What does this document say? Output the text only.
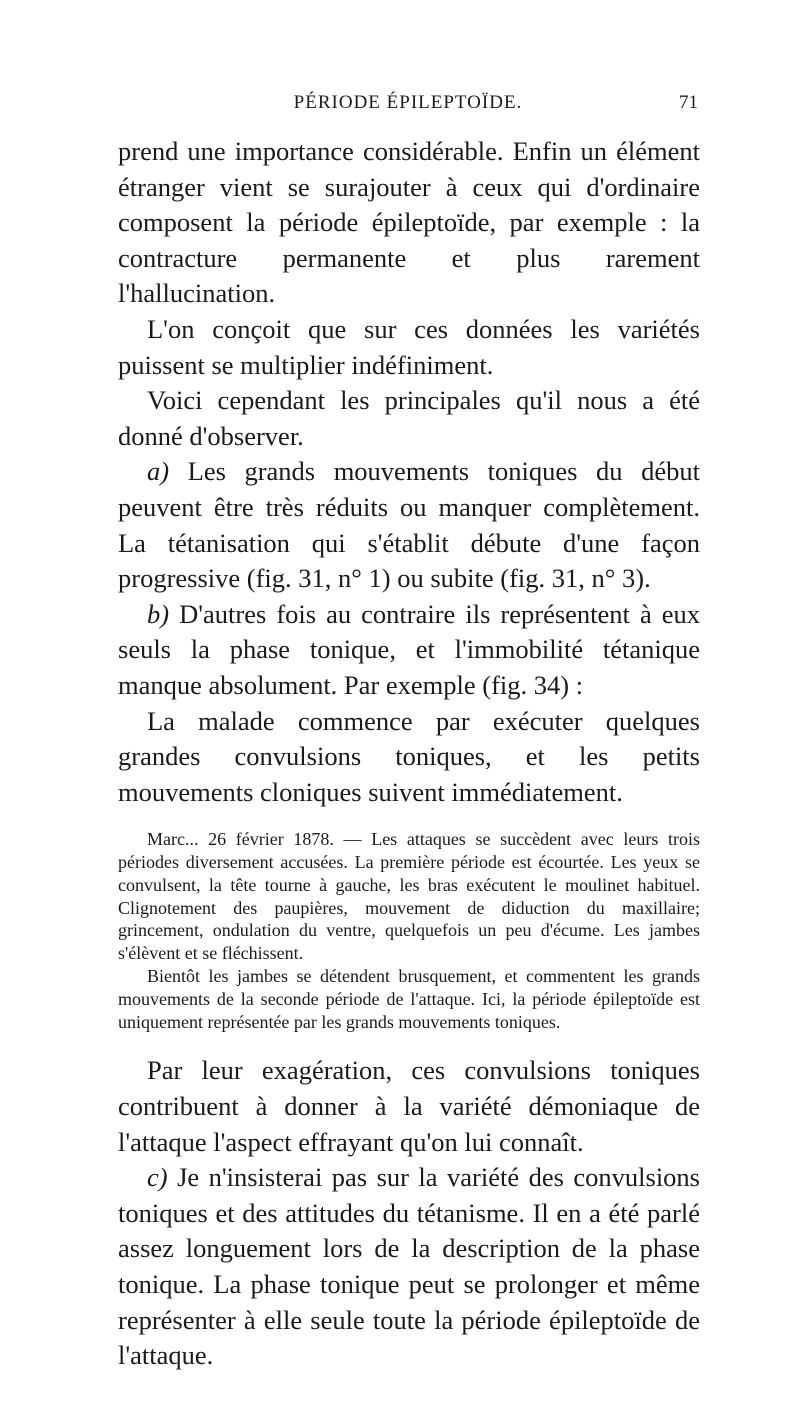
PÉRIODE ÉPILEPTOÏDE.	71

prend une importance considérable. Enfin un élément étranger vient se surajouter à ceux qui d'ordinaire composent la période épileptoïde, par exemple : la contracture permanente et plus rarement l'hallucination.

L'on conçoit que sur ces données les variétés puissent se multiplier indéfiniment.

Voici cependant les principales qu'il nous a été donné d'observer.

a) Les grands mouvements toniques du début peuvent être très réduits ou manquer complètement. La tétanisation qui s'établit débute d'une façon progressive (fig. 31, n° 1) ou subite (fig. 31, n° 3).

b) D'autres fois au contraire ils représentent à eux seuls la phase tonique, et l'immobilité tétanique manque absolument. Par exemple (fig. 34) :

La malade commence par exécuter quelques grandes convulsions toniques, et les petits mouvements cloniques suivent immédiatement.

Marc... 26 février 1878. — Les attaques se succèdent avec leurs trois périodes diversement accusées. La première période est écourtée. Les yeux se convulsent, la tête tourne à gauche, les bras exécutent le moulinet habituel. Clignotement des paupières, mouvement de diduction du maxillaire; grincement, ondulation du ventre, quelquefois un peu d'écume. Les jambes s'élèvent et se fléchissent.

Bientôt les jambes se détendent brusquement, et commentent les grands mouvements de la seconde période de l'attaque. Ici, la période épileptoïde est uniquement représentée par les grands mouvements toniques.

Par leur exagération, ces convulsions toniques contribuent à donner à la variété démoniaque de l'attaque l'aspect effrayant qu'on lui connaît.

c) Je n'insisterai pas sur la variété des convulsions toniques et des attitudes du tétanisme. Il en a été parlé assez longuement lors de la description de la phase tonique. La phase tonique peut se prolonger et même représenter à elle seule toute la période épileptoïde de l'attaque.
